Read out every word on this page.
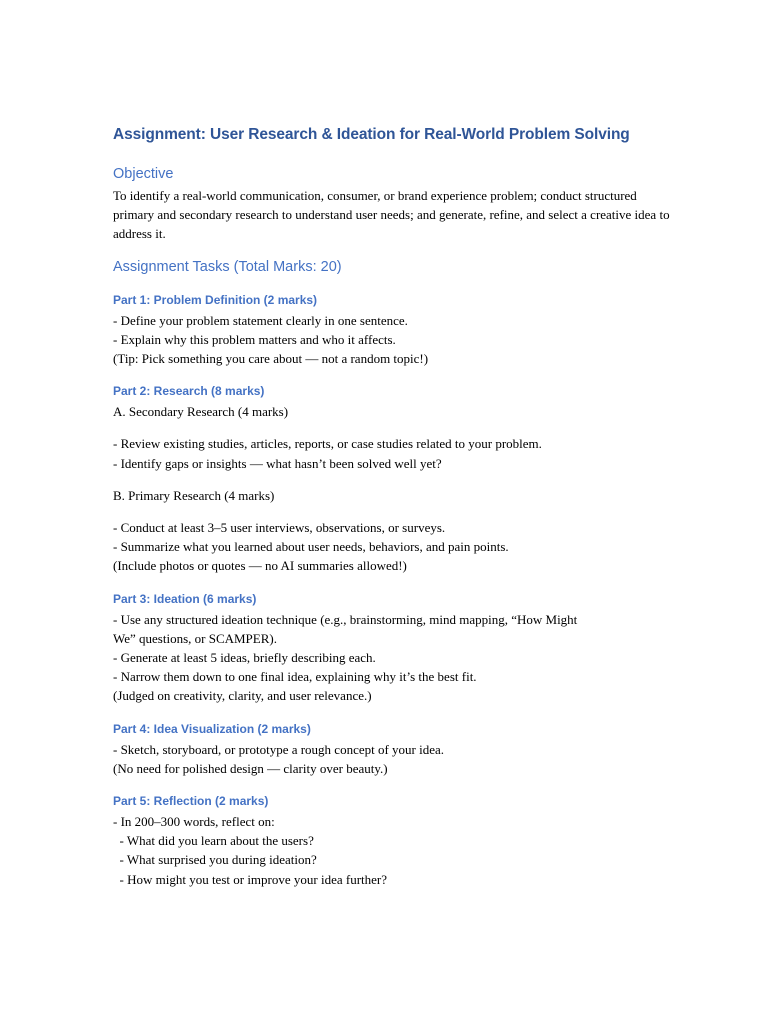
Assignment: User Research & Ideation for Real-World Problem Solving

Objective

To identify a real-world communication, consumer, or brand experience problem; conduct structured primary and secondary research to understand user needs; and generate, refine, and select a creative idea to address it.

Assignment Tasks (Total Marks: 20)

Part 1: Problem Definition (2 marks)

- Define your problem statement clearly in one sentence.

- Explain why this problem matters and who it affects.

(Tip: Pick something you care about — not a random topic!)

Part 2: Research (8 marks)

A. Secondary Research (4 marks)

- Review existing studies, articles, reports, or case studies related to your problem.

- Identify gaps or insights — what hasn’t been solved well yet?

B. Primary Research (4 marks)

- Conduct at least 3–5 user interviews, observations, or surveys.

- Summarize what you learned about user needs, behaviors, and pain points.

(Include photos or quotes — no AI summaries allowed!)

Part 3: Ideation (6 marks)

- Use any structured ideation technique (e.g., brainstorming, mind mapping, “How Might

We” questions, or SCAMPER).

- Generate at least 5 ideas, briefly describing each.

- Narrow them down to one final idea, explaining why it’s the best fit.

(Judged on creativity, clarity, and user relevance.)

Part 4: Idea Visualization (2 marks)

- Sketch, storyboard, or prototype a rough concept of your idea.

(No need for polished design — clarity over beauty.)

Part 5: Reflection (2 marks)

- In 200–300 words, reflect on:

- What did you learn about the users?

- What surprised you during ideation?

- How might you test or improve your idea further?
